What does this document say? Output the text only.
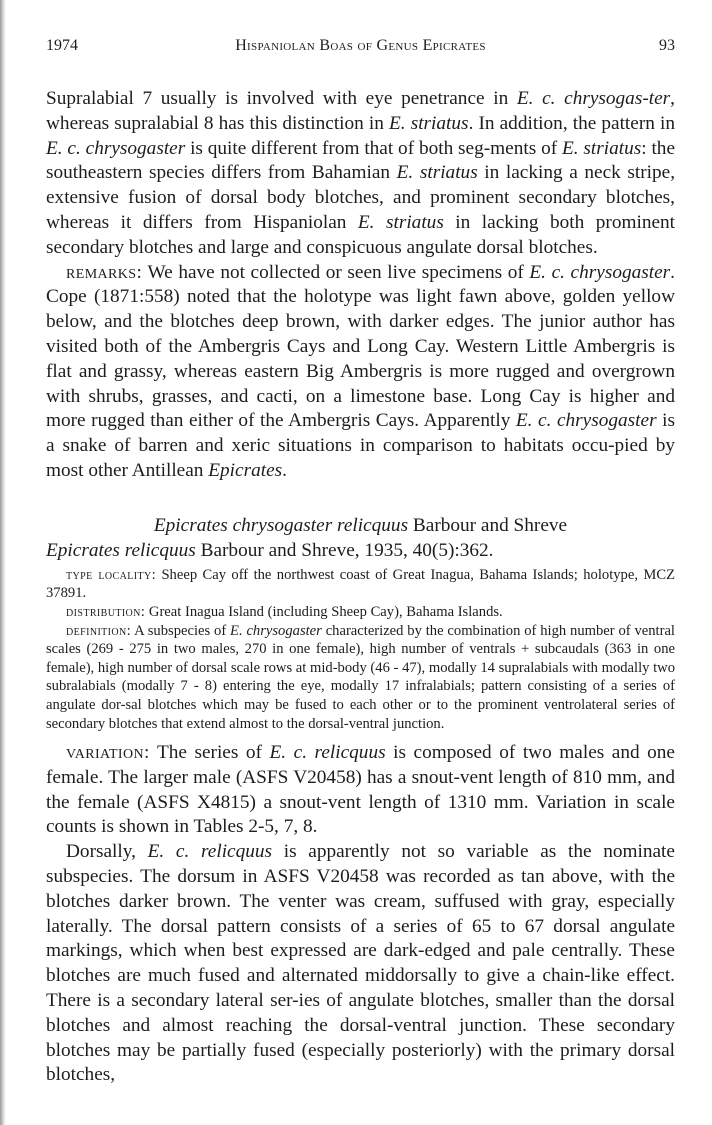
1974	Hispaniolan Boas of Genus Epicrates	93

Supralabial 7 usually is involved with eye penetrance in E. c. chrysogas-ter, whereas supralabial 8 has this distinction in E. striatus. In addition, the pattern in E. c. chrysogaster is quite different from that of both seg-ments of E. striatus: the southeastern species differs from Bahamian E. striatus in lacking a neck stripe, extensive fusion of dorsal body blotches, and prominent secondary blotches, whereas it differs from Hispaniolan E. striatus in lacking both prominent secondary blotches and large and conspicuous angulate dorsal blotches.

remarks: We have not collected or seen live specimens of E. c. chrysogaster. Cope (1871:558) noted that the holotype was light fawn above, golden yellow below, and the blotches deep brown, with darker edges. The junior author has visited both of the Ambergris Cays and Long Cay. Western Little Ambergris is flat and grassy, whereas eastern Big Ambergris is more rugged and overgrown with shrubs, grasses, and cacti, on a limestone base. Long Cay is higher and more rugged than either of the Ambergris Cays. Apparently E. c. chrysogaster is a snake of barren and xeric situations in comparison to habitats occu-pied by most other Antillean Epicrates.

Epicrates chrysogaster relicquus Barbour and Shreve

Epicrates relicquus Barbour and Shreve, 1935, 40(5):362.

type locality: Sheep Cay off the northwest coast of Great Inagua, Bahama Islands; holotype, MCZ 37891.

distribution: Great Inagua Island (including Sheep Cay), Bahama Islands.

definition: A subspecies of E. chrysogaster characterized by the combination of high number of ventral scales (269 - 275 in two males, 270 in one female), high number of ventrals + subcaudals (363 in one female), high number of dorsal scale rows at mid-body (46 - 47), modally 14 supralabials with modally two subralabials (modally 7 - 8) entering the eye, modally 17 infralabials; pattern consisting of a series of angulate dor-sal blotches which may be fused to each other or to the prominent ventrolateral series of secondary blotches that extend almost to the dorsal-ventral junction.

variation: The series of E. c. relicquus is composed of two males and one female. The larger male (ASFS V20458) has a snout-vent length of 810 mm, and the female (ASFS X4815) a snout-vent length of 1310 mm. Variation in scale counts is shown in Tables 2-5, 7, 8.

Dorsally, E. c. relicquus is apparently not so variable as the nominate subspecies. The dorsum in ASFS V20458 was recorded as tan above, with the blotches darker brown. The venter was cream, suffused with gray, especially laterally. The dorsal pattern consists of a series of 65 to 67 dorsal angulate markings, which when best expressed are dark-edged and pale centrally. These blotches are much fused and alternated middorsally to give a chain-like effect. There is a secondary lateral ser-ies of angulate blotches, smaller than the dorsal blotches and almost reaching the dorsal-ventral junction. These secondary blotches may be partially fused (especially posteriorly) with the primary dorsal blotches,
